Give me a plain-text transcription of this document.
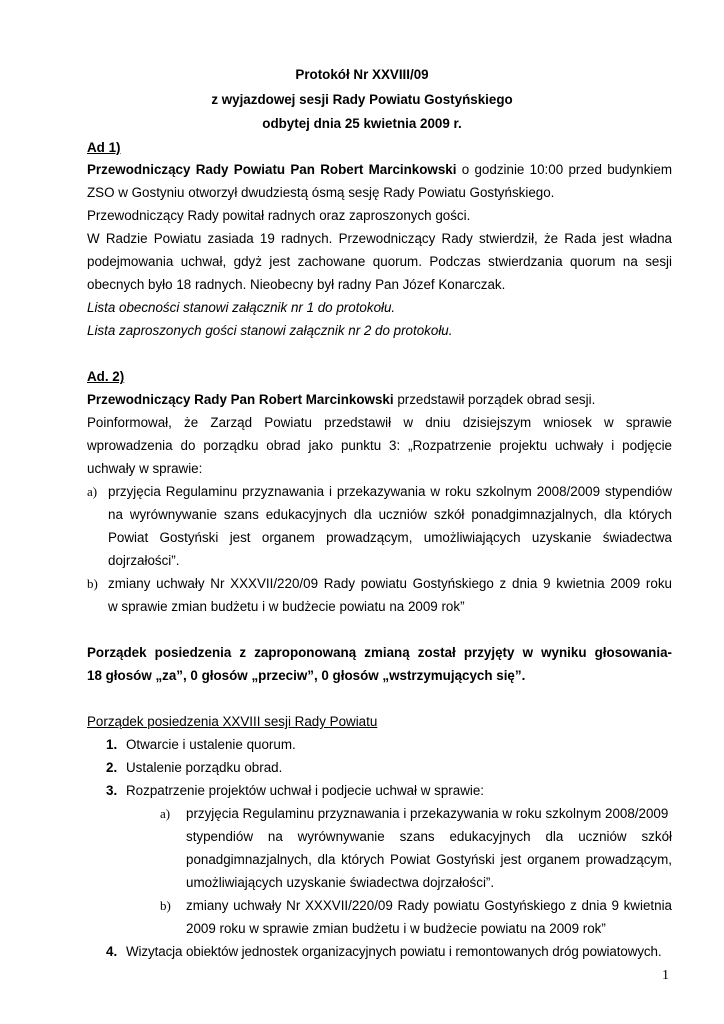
Protokół Nr XXVIII/09
z wyjazdowej sesji Rady Powiatu Gostyńskiego
odbytej dnia 25 kwietnia 2009 r.
Ad 1)
Przewodniczący Rady Powiatu Pan Robert Marcinkowski o godzinie 10:00 przed budynkiem
ZSO w Gostyniu otworzył dwudziestą ósmą sesję Rady Powiatu Gostyńskiego.
Przewodniczący Rady powitał radnych oraz zaproszonych gości.
W Radzie Powiatu zasiada 19 radnych. Przewodniczący Rady stwierdził, że Rada jest władna
podejmowania uchwał, gdyż jest zachowane quorum. Podczas stwierdzania quorum na sesji
obecnych było 18 radnych. Nieobecny był radny Pan Józef Konarczak.
Lista obecności stanowi załącznik nr 1 do protokołu.
Lista zaproszonych gości stanowi załącznik nr 2 do protokołu.
Ad. 2)
Przewodniczący Rady Pan Robert Marcinkowski przedstawił porządek obrad sesji.
Poinformował, że Zarząd Powiatu przedstawił w dniu dzisiejszym wniosek w sprawie
wprowadzenia do porządku obrad jako punktu 3: „Rozpatrzenie projektu uchwały i podjęcie
uchwały w sprawie:
a) przyjęcia Regulaminu przyznawania i przekazywania w roku szkolnym 2008/2009 stypendiów
na wyrównywanie szans edukacyjnych dla uczniów szkół ponadgimnazjalnych, dla których
Powiat Gostyński jest organem prowadzącym, umożliwiających uzyskanie świadectwa
dojrzałości”.
b) zmiany uchwały Nr XXXVII/220/09 Rady powiatu Gostyńskiego z dnia 9 kwietnia 2009 roku
w sprawie zmian budżetu i w budżecie powiatu na 2009 rok”
Porządek posiedzenia z zaproponowaną zmianą został przyjęty w wyniku głosowania-
18 głosów „za”, 0 głosów „przeciw”, 0 głosów „wstrzymujących się”.
Porządek posiedzenia XXVIII sesji Rady Powiatu
1. Otwarcie i ustalenie quorum.
2. Ustalenie porządku obrad.
3. Rozpatrzenie projektów uchwał i podjecie uchwał w sprawie:
a) przyjęcia Regulaminu przyznawania i przekazywania w roku szkolnym 2008/2009
stypendiów na wyrównywanie szans edukacyjnych dla uczniów szkół
ponadgimnazjalnych, dla których Powiat Gostyński jest organem prowadzącym,
umożliwiających uzyskanie świadectwa dojrzałości”.
b) zmiany uchwały Nr XXXVII/220/09 Rady powiatu Gostyńskiego z dnia 9 kwietnia
2009 roku w sprawie zmian budżetu i w budżecie powiatu na 2009 rok”
4. Wizytacja obiektów jednostek organizacyjnych powiatu i remontowanych dróg powiatowych.
1
